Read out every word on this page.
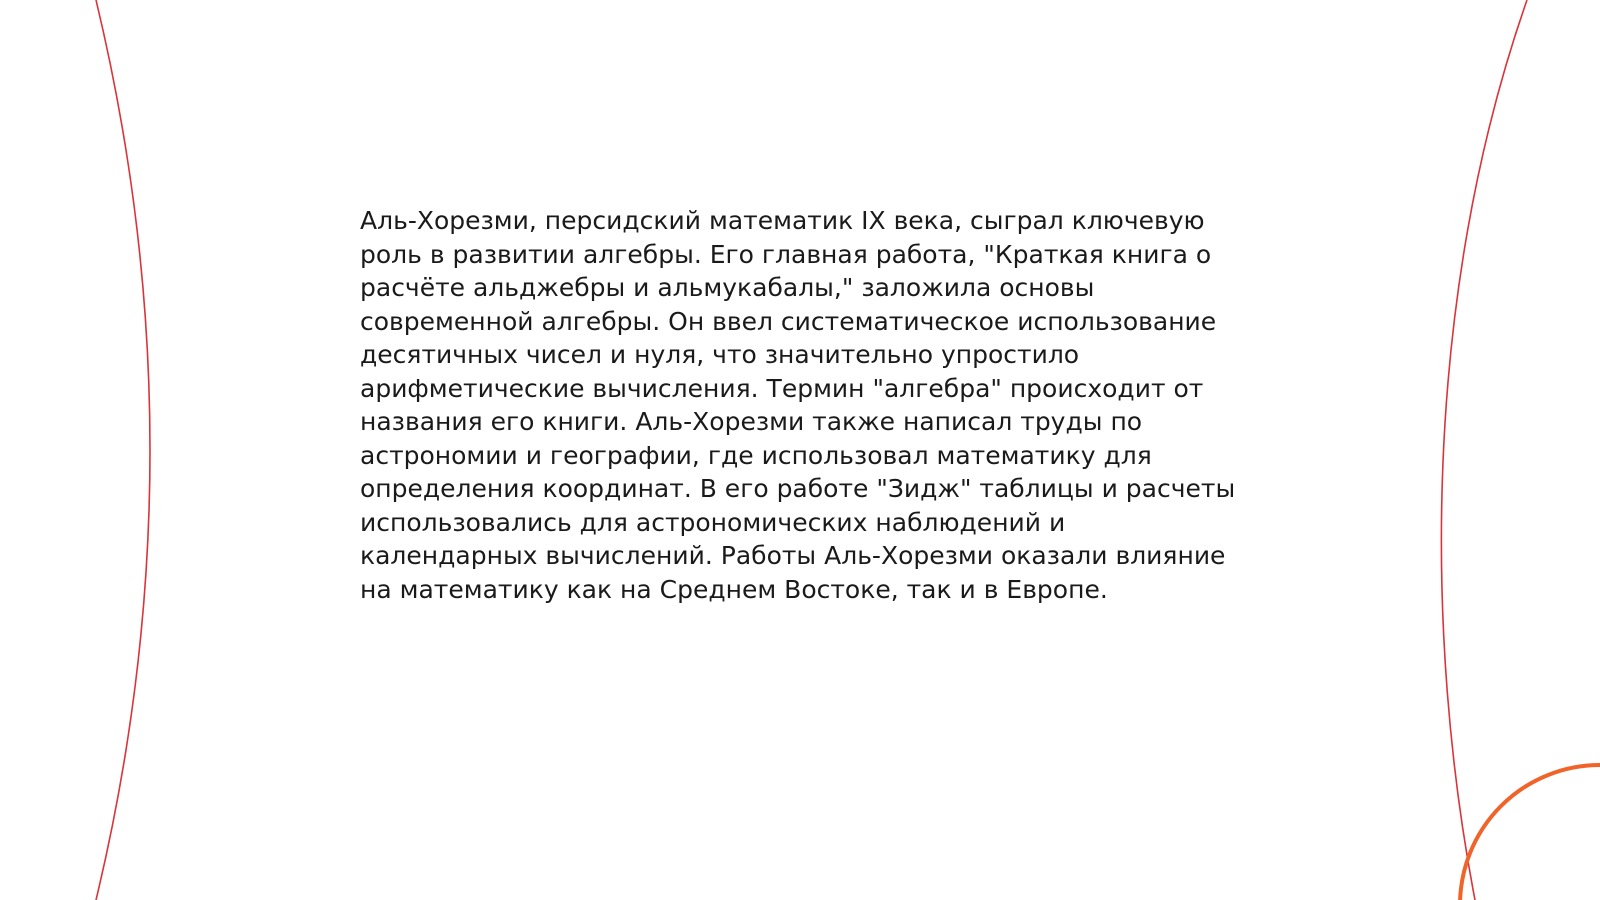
Аль-Хорезми, персидский математик IX века, сыграл ключевую роль в развитии алгебры. Его главная работа, "Краткая книга о расчёте альджебры и альмукабалы," заложила основы современной алгебры. Он ввел систематическое использование десятичных чисел и нуля, что значительно упростило арифметические вычисления. Термин "алгебра" происходит от названия его книги. Аль-Хорезми также написал труды по астрономии и географии, где использовал математику для определения координат. В его работе "Зидж" таблицы и расчеты использовались для астрономических наблюдений и календарных вычислений. Работы Аль-Хорезми оказали влияние на математику как на Среднем Востоке, так и в Европе.
